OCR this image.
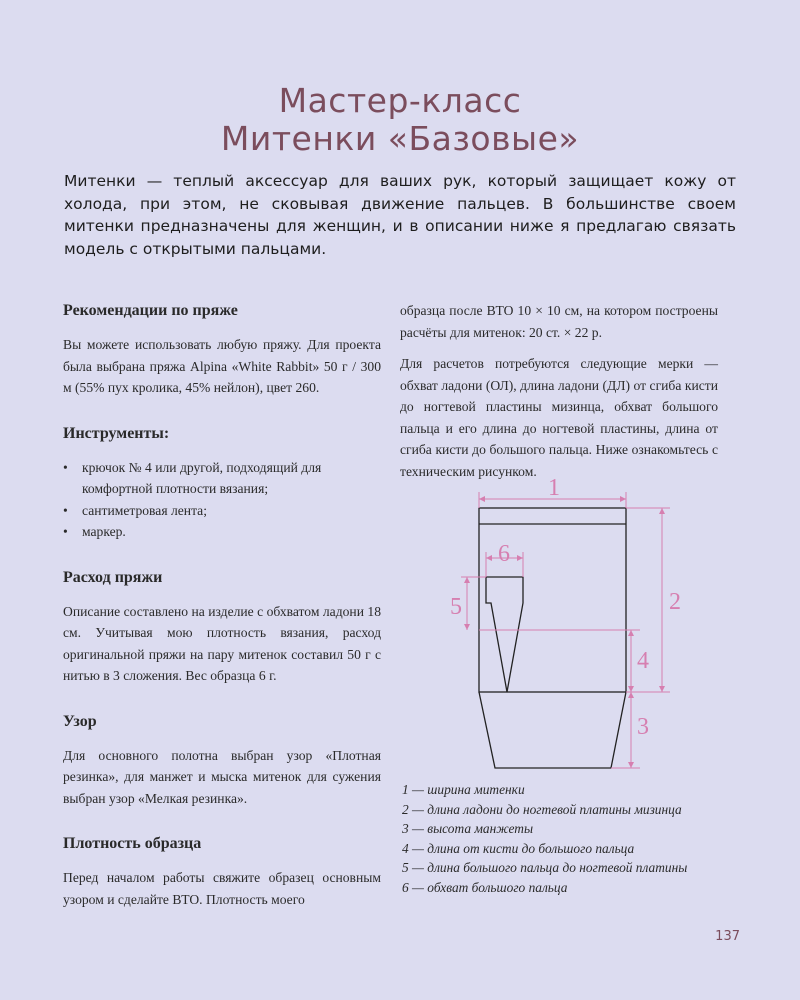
Мастер-класс
Митенки «Базовые»

Митенки — теплый аксессуар для ваших рук, который защищает кожу от холода, при этом, не сковывая движение пальцев. В большинстве своем митенки предназначены для женщин, и в описании ниже я предлагаю связать модель с открытыми пальцами.

Рекомендации по пряже

Вы можете использовать любую пряжу. Для проекта была выбрана пряжа Alpina «White Rabbit» 50 г / 300 м (55% пух кролика, 45% нейлон), цвет 260.

Инструменты:
• крючок № 4 или другой, подходящий для комфортной плотности вязания;
• сантиметровая лента;
• маркер.
Расход пряжи

Описание составлено на изделие с обхватом ладони 18 см. Учитывая мою плотность вязания, расход оригинальной пряжи на пару митенок составил 50 г с нитью в 3 сложения. Вес образца 6 г.

Узор

Для основного полотна выбран узор «Плотная резинка», для манжет и мыска митенок для сужения выбран узор «Мелкая резинка».

Плотность образца

Перед началом работы свяжите образец основным узором и сделайте ВТО. Плотность моего

образца после ВТО 10 × 10 см, на котором построены расчёты для митенок: 20 ст. × 22 р.

Для расчетов потребуются следующие мерки — обхват ладони (ОЛ), длина ладони (ДЛ) от сгиба кисти до ногтевой пластины мизинца, обхват большого пальца и его длина до ногтевой пластины, длина от сгиба кисти до большого пальца. Ниже ознакомьтесь с техническим рисунком.

1
2
3
4
5
6
1 — ширина митенки
2 — длина ладони до ногтевой платины мизинца
3 — высота манжеты
4 — длина от кисти до большого пальца
5 — длина большого пальца до ногтевой платины
6 — обхват большого пальца
137
